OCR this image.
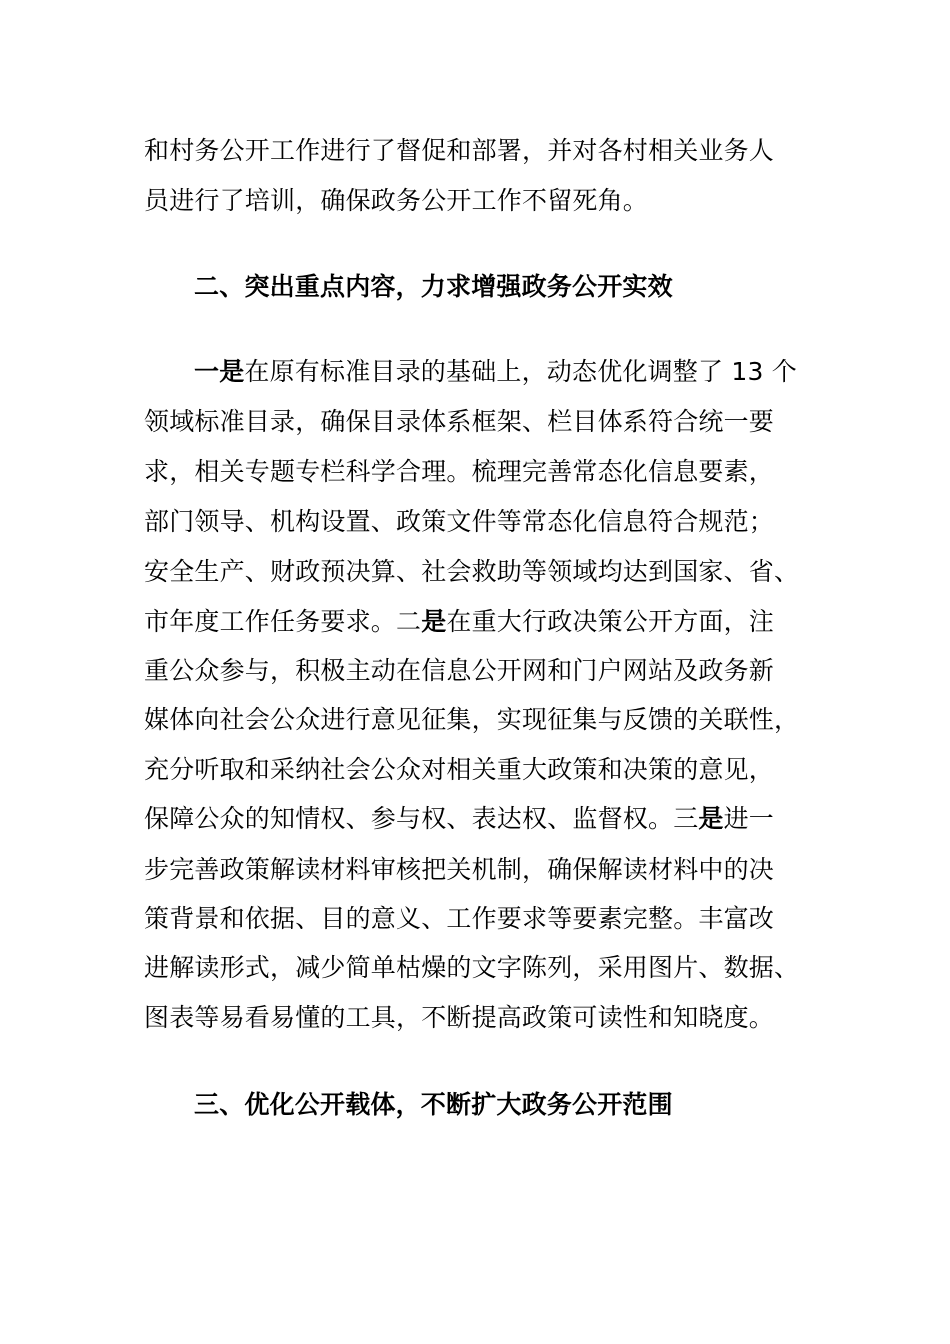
和村务公开工作进行了督促和部署，并对各村相关业务人
员进行了培训，确保政务公开工作不留死角。
二、突出重点内容，力求增强政务公开实效
一是在原有标准目录的基础上，动态优化调整了 13 个
领域标准目录，确保目录体系框架、栏目体系符合统一要
求，相关专题专栏科学合理。梳理完善常态化信息要素，
部门领导、机构设置、政策文件等常态化信息符合规范；
安全生产、财政预决算、社会救助等领域均达到国家、省、
市年度工作任务要求。二是在重大行政决策公开方面，注
重公众参与，积极主动在信息公开网和门户网站及政务新
媒体向社会公众进行意见征集，实现征集与反馈的关联性，
充分听取和采纳社会公众对相关重大政策和决策的意见，
保障公众的知情权、参与权、表达权、监督权。三是进一
步完善政策解读材料审核把关机制，确保解读材料中的决
策背景和依据、目的意义、工作要求等要素完整。丰富改
进解读形式，减少简单枯燥的文字陈列，采用图片、数据、
图表等易看易懂的工具，不断提高政策可读性和知晓度。
三、优化公开载体，不断扩大政务公开范围
